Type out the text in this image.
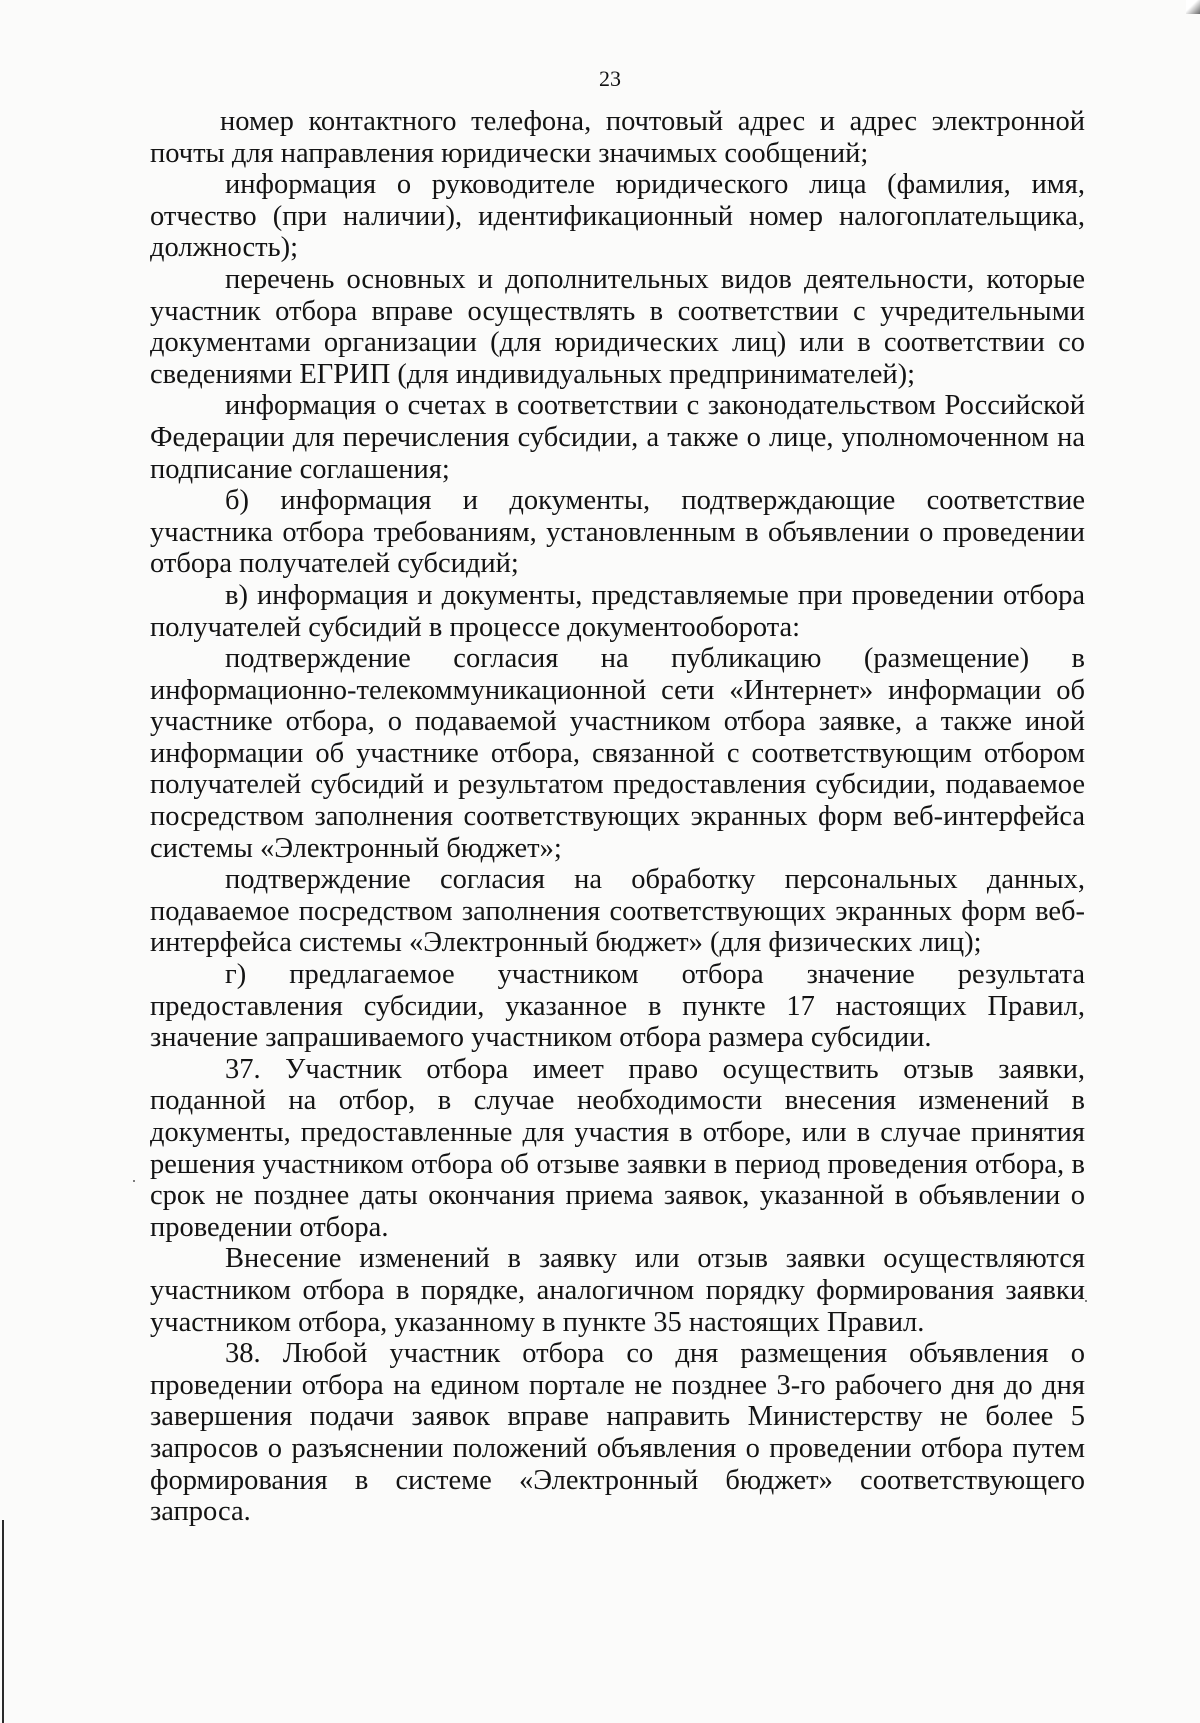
23

номер контактного телефона, почтовый адрес и адрес электронной почты для направления юридически значимых сообщений;

информация о руководителе юридического лица (фамилия, имя, отчество (при наличии), идентификационный номер налогоплательщика, должность);

перечень основных и дополнительных видов деятельности, которые участник отбора вправе осуществлять в соответствии с учредительными документами организации (для юридических лиц) или в соответствии со сведениями ЕГРИП (для индивидуальных предпринимателей);

информация о счетах в соответствии с законодательством Российской Федерации для перечисления субсидии, а также о лице, уполномоченном на подписание соглашения;

б) информация и документы, подтверждающие соответствие участника отбора требованиям, установленным в объявлении о проведении отбора получателей субсидий;

в) информация и документы, представляемые при проведении отбора получателей субсидий в процессе документооборота:

подтверждение согласия на публикацию (размещение) в информационно-телекоммуникационной сети «Интернет» информации об участнике отбора, о подаваемой участником отбора заявке, а также иной информации об участнике отбора, связанной с соответствующим отбором получателей субсидий и результатом предоставления субсидии, подаваемое посредством заполнения соответствующих экранных форм веб-интерфейса системы «Электронный бюджет»;

подтверждение согласия на обработку персональных данных, подаваемое посредством заполнения соответствующих экранных форм веб-интерфейса системы «Электронный бюджет» (для физических лиц);

г) предлагаемое участником отбора значение результата предоставления субсидии, указанное в пункте 17 настоящих Правил, значение запрашиваемого участником отбора размера субсидии.

37. Участник отбора имеет право осуществить отзыв заявки, поданной на отбор, в случае необходимости внесения изменений в документы, предоставленные для участия в отборе, или в случае принятия решения участником отбора об отзыве заявки в период проведения отбора, в срок не позднее даты окончания приема заявок, указанной в объявлении о проведении отбора.

Внесение изменений в заявку или отзыв заявки осуществляются участником отбора в порядке, аналогичном порядку формирования заявки участником отбора, указанному в пункте 35 настоящих Правил.

38. Любой участник отбора со дня размещения объявления о проведении отбора на едином портале не позднее 3-го рабочего дня до дня завершения подачи заявок вправе направить Министерству не более 5 запросов о разъяснении положений объявления о проведении отбора путем формирования в системе «Электронный бюджет» соответствующего запроса.
